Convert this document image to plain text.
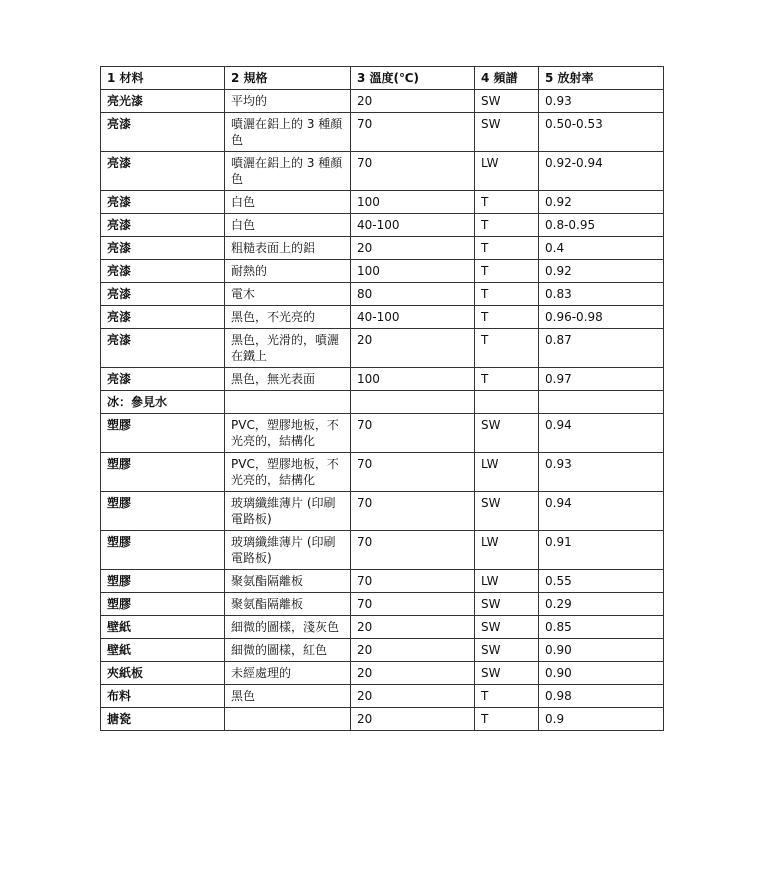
1 材料	2 規格	3 溫度(℃)	4 頻譜	5 放射率
亮光漆	平均的	20	SW	0.93
亮漆	噴灑在鋁上的 3 種顏色	70	SW	0.50-0.53
亮漆	噴灑在鋁上的 3 種顏色	70	LW	0.92-0.94
亮漆	白色	100	T	0.92
亮漆	白色	40-100	T	0.8-0.95
亮漆	粗糙表面上的鋁	20	T	0.4
亮漆	耐熱的	100	T	0.92
亮漆	電木	80	T	0.83
亮漆	黑色，不光亮的	40-100	T	0.96-0.98
亮漆	黑色，光滑的，噴灑在鐵上	20	T	0.87
亮漆	黑色，無光表面	100	T	0.97
冰：參見水				
塑膠	PVC，塑膠地板，不光亮的，結構化	70	SW	0.94
塑膠	PVC，塑膠地板，不光亮的，結構化	70	LW	0.93
塑膠	玻璃纖維薄片 (印刷電路板)	70	SW	0.94
塑膠	玻璃纖維薄片 (印刷電路板)	70	LW	0.91
塑膠	聚氨酯隔離板	70	LW	0.55
塑膠	聚氨酯隔離板	70	SW	0.29
壁紙	細微的圖樣，淺灰色	20	SW	0.85
壁紙	細微的圖樣，紅色	20	SW	0.90
夾紙板	未經處理的	20	SW	0.90
布料	黑色	20	T	0.98
搪瓷		20	T	0.9
